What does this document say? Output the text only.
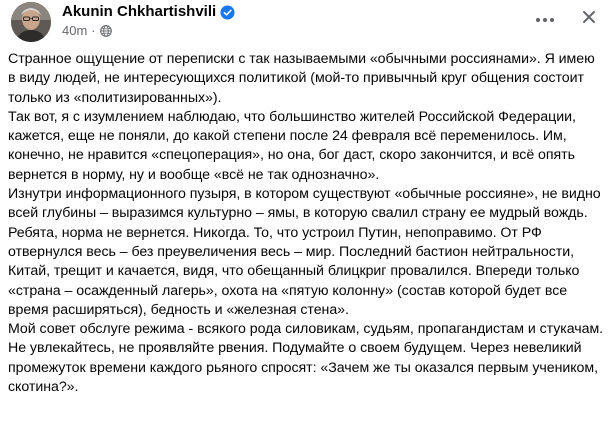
Akunin Chkhartishvili
40m ·

Странное ощущение от переписки с так называемыми «обычными россиянами». Я имею в виду людей, не интересующихся политикой (мой-то привычный круг общения состоит только из «политизированных»).

Так вот, я с изумлением наблюдаю, что большинство жителей Российской Федерации, кажется, еще не поняли, до какой степени после 24 февраля всё переменилось. Им, конечно, не нравится «спецоперация», но она, бог даст, скоро закончится, и всё опять вернется в норму, ну и вообще «всё не так однозначно».

Изнутри информационного пузыря, в котором существуют «обычные россияне», не видно всей глубины – выразимся культурно – ямы, в которую свалил страну ее мудрый вождь.

Ребята, норма не вернется. Никогда. То, что устроил Путин, непоправимо. От РФ отвернулся весь – без преувеличения весь – мир. Последний бастион нейтральности, Китай, трещит и качается, видя, что обещанный блицкриг провалился. Впереди только «страна – осажденный лагерь», охота на «пятую колонну» (состав которой будет все время расширяться), бедность и «железная стена».

Мой совет обслуге режима - всякого рода силовикам, судьям, пропагандистам и стукачам. Не увлекайтесь, не проявляйте рвения. Подумайте о своем будущем. Через невеликий промежуток времени каждого рьяного спросят: «Зачем же ты оказался первым учеником, скотина?».
